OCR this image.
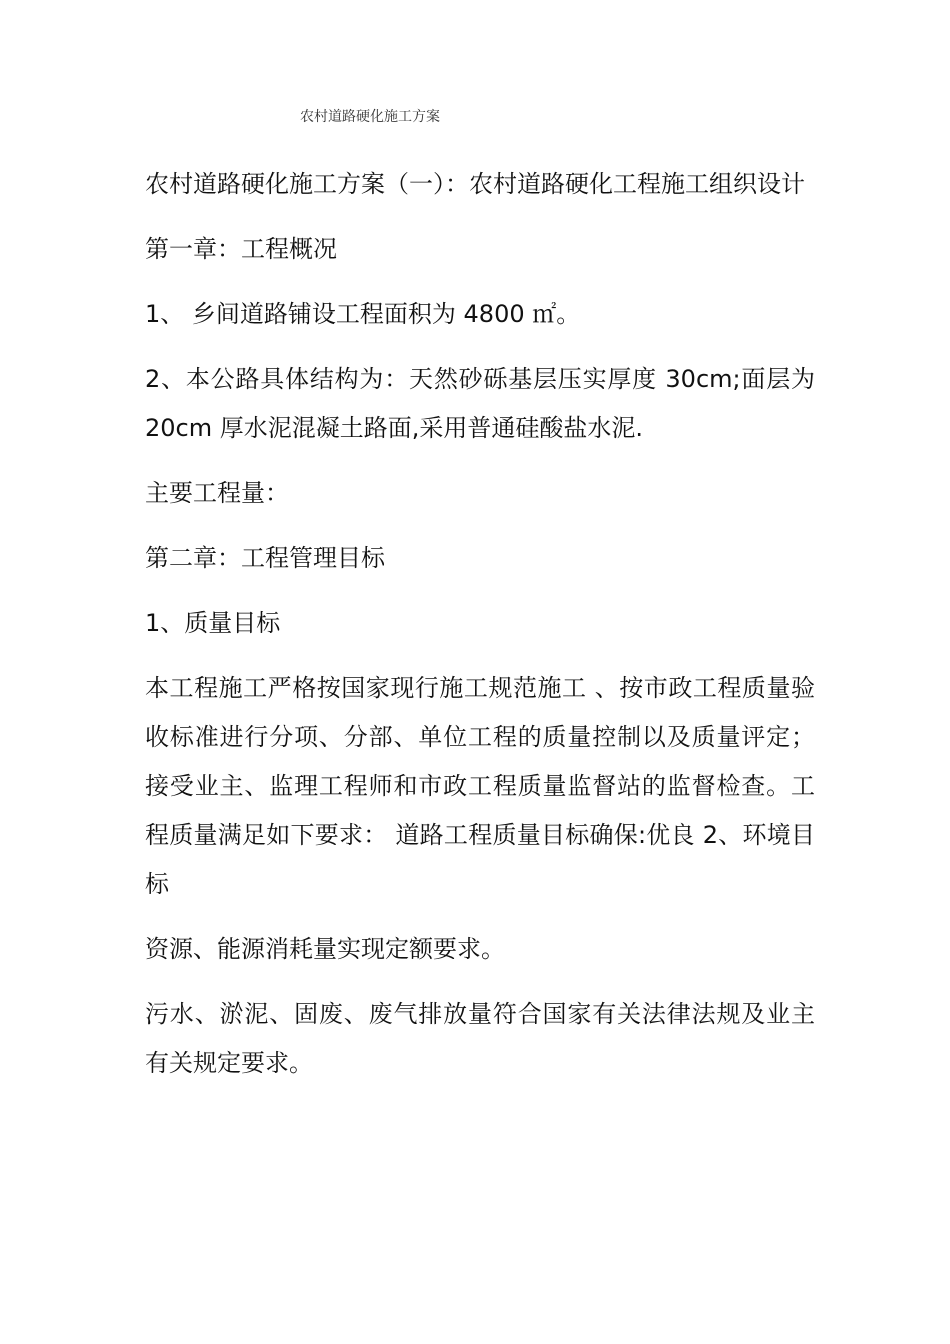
农村道路硬化施工方案

农村道路硬化施工方案（一）：农村道路硬化工程施工组织设计

第一章：工程概况

1、 乡间道路铺设工程面积为 4800 ㎡。

2、本公路具体结构为：天然砂砾基层压实厚度 30cm;面层为 20cm 厚水泥混凝土路面,采用普通硅酸盐水泥.

主要工程量：

第二章：工程管理目标

1、质量目标

本工程施工严格按国家现行施工规范施工 、按市政工程质量验收标准进行分项、分部、单位工程的质量控制以及质量评定；接受业主、监理工程师和市政工程质量监督站的监督检查。工程质量满足如下要求： 道路工程质量目标确保:优良 2、环境目标

资源、能源消耗量实现定额要求。

污水、淤泥、固废、废气排放量符合国家有关法律法规及业主有关规定要求。
